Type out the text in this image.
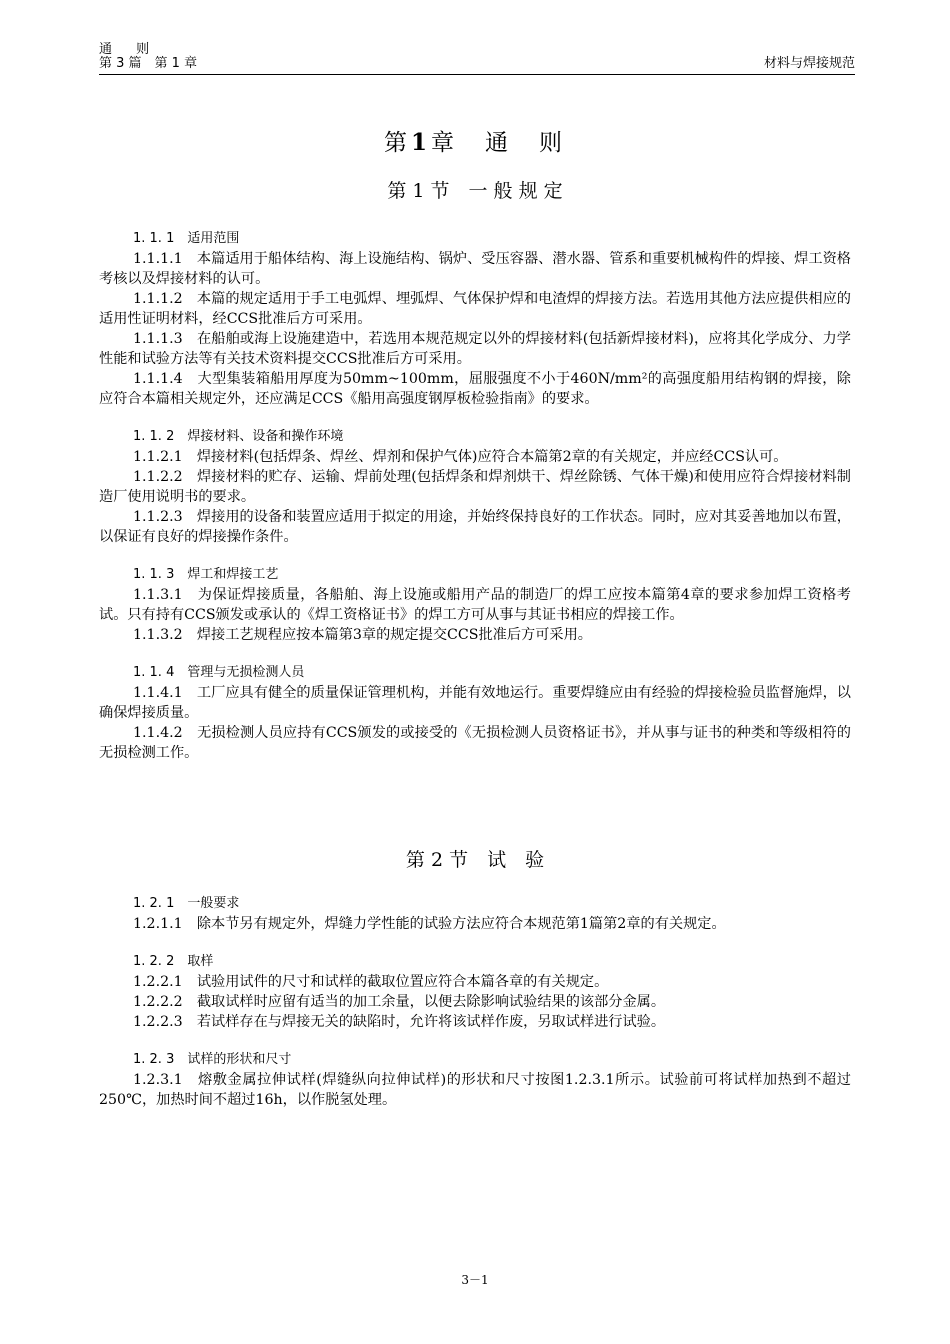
通 则
第 3 篇　第 1 章	材料与焊接规范
第1章　通　则
第 1 节　一 般 规 定
1. 1. 1　适用范围
1.1.1.1　本篇适用于船体结构、海上设施结构、锅炉、受压容器、潜水器、管系和重要机械构件的焊接、焊工资格考核以及焊接材料的认可。
1.1.1.2　本篇的规定适用于手工电弧焊、埋弧焊、气体保护焊和电渣焊的焊接方法。若选用其他方法应提供相应的适用性证明材料，经CCS批准后方可采用。
1.1.1.3　在船舶或海上设施建造中，若选用本规范规定以外的焊接材料(包括新焊接材料)，应将其化学成分、力学性能和试验方法等有关技术资料提交CCS批准后方可采用。
1.1.1.4　大型集装箱船用厚度为50mm~100mm，屈服强度不小于460N/mm²的高强度船用结构钢的焊接，除应符合本篇相关规定外，还应满足CCS《船用高强度钢厚板检验指南》的要求。
1. 1. 2　焊接材料、设备和操作环境
1.1.2.1　焊接材料(包括焊条、焊丝、焊剂和保护气体)应符合本篇第2章的有关规定，并应经CCS认可。
1.1.2.2　焊接材料的贮存、运输、焊前处理(包括焊条和焊剂烘干、焊丝除锈、气体干燥)和使用应符合焊接材料制造厂使用说明书的要求。
1.1.2.3　焊接用的设备和装置应适用于拟定的用途，并始终保持良好的工作状态。同时，应对其妥善地加以布置，以保证有良好的焊接操作条件。
1. 1. 3　焊工和焊接工艺
1.1.3.1　为保证焊接质量，各船舶、海上设施或船用产品的制造厂的焊工应按本篇第4章的要求参加焊工资格考试。只有持有CCS颁发或承认的《焊工资格证书》的焊工方可从事与其证书相应的焊接工作。
1.1.3.2　焊接工艺规程应按本篇第3章的规定提交CCS批准后方可采用。
1. 1. 4　管理与无损检测人员
1.1.4.1　工厂应具有健全的质量保证管理机构，并能有效地运行。重要焊缝应由有经验的焊接检验员监督施焊，以确保焊接质量。
1.1.4.2　无损检测人员应持有CCS颁发的或接受的《无损检测人员资格证书》，并从事与证书的种类和等级相符的无损检测工作。
第 2 节　试　验
1. 2. 1　一般要求
1.2.1.1　除本节另有规定外，焊缝力学性能的试验方法应符合本规范第1篇第2章的有关规定。
1. 2. 2　取样
1.2.2.1　试验用试件的尺寸和试样的截取位置应符合本篇各章的有关规定。
1.2.2.2　截取试样时应留有适当的加工余量，以便去除影响试验结果的该部分金属。
1.2.2.3　若试样存在与焊接无关的缺陷时，允许将该试样作废，另取试样进行试验。
1. 2. 3　试样的形状和尺寸
1.2.3.1　熔敷金属拉伸试样(焊缝纵向拉伸试样)的形状和尺寸按图1.2.3.1所示。试验前可将试样加热到不超过250℃，加热时间不超过16h，以作脱氢处理。
3－1
